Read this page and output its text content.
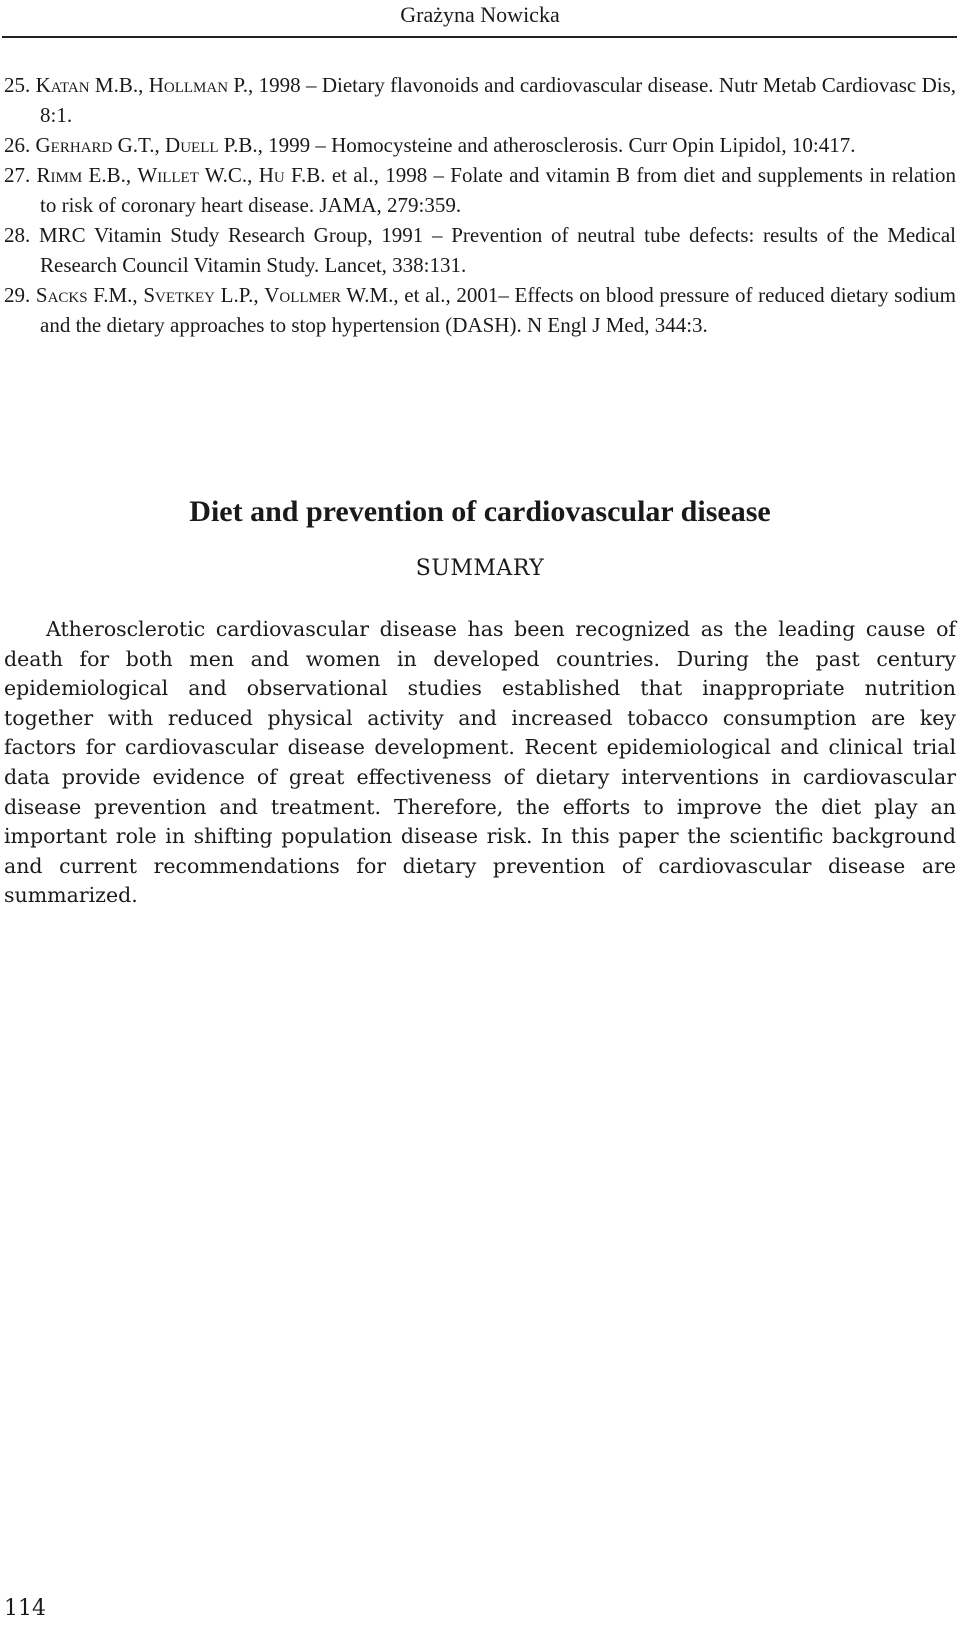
Grażyna Nowicka
25. Katan M.B., Hollman P., 1998 – Dietary flavonoids and cardiovascular disease. Nutr Metab Cardiovasc Dis, 8:1.
26. Gerhard G.T., Duell P.B., 1999 – Homocysteine and atherosclerosis. Curr Opin Lipidol, 10:417.
27. Rimm E.B., Willet W.C., Hu F.B. et al., 1998 – Folate and vitamin B from diet and supplements in relation to risk of coronary heart disease. JAMA, 279:359.
28. MRC Vitamin Study Research Group, 1991 – Prevention of neutral tube defects: results of the Medical Research Council Vitamin Study. Lancet, 338:131.
29. Sacks F.M., Svetkey L.P., Vollmer W.M., et al., 2001– Effects on blood pressure of reduced dietary sodium and the dietary approaches to stop hypertension (DASH). N Engl J Med, 344:3.
Diet and prevention of cardiovascular disease
SUMMARY

Atherosclerotic cardiovascular disease has been recognized as the leading cause of death for both men and women in developed countries. During the past century epidemiological and observational studies established that inappropriate nutrition together with reduced physical activity and increased tobacco consumption are key factors for cardiovascular disease development. Recent epidemiological and clinical trial data provide evidence of great effectiveness of dietary interventions in cardiovascular disease prevention and treatment. Therefore, the efforts to improve the diet play an important role in shifting population disease risk. In this paper the scientific background and current recommendations for dietary prevention of cardiovascular disease are summarized.

114
